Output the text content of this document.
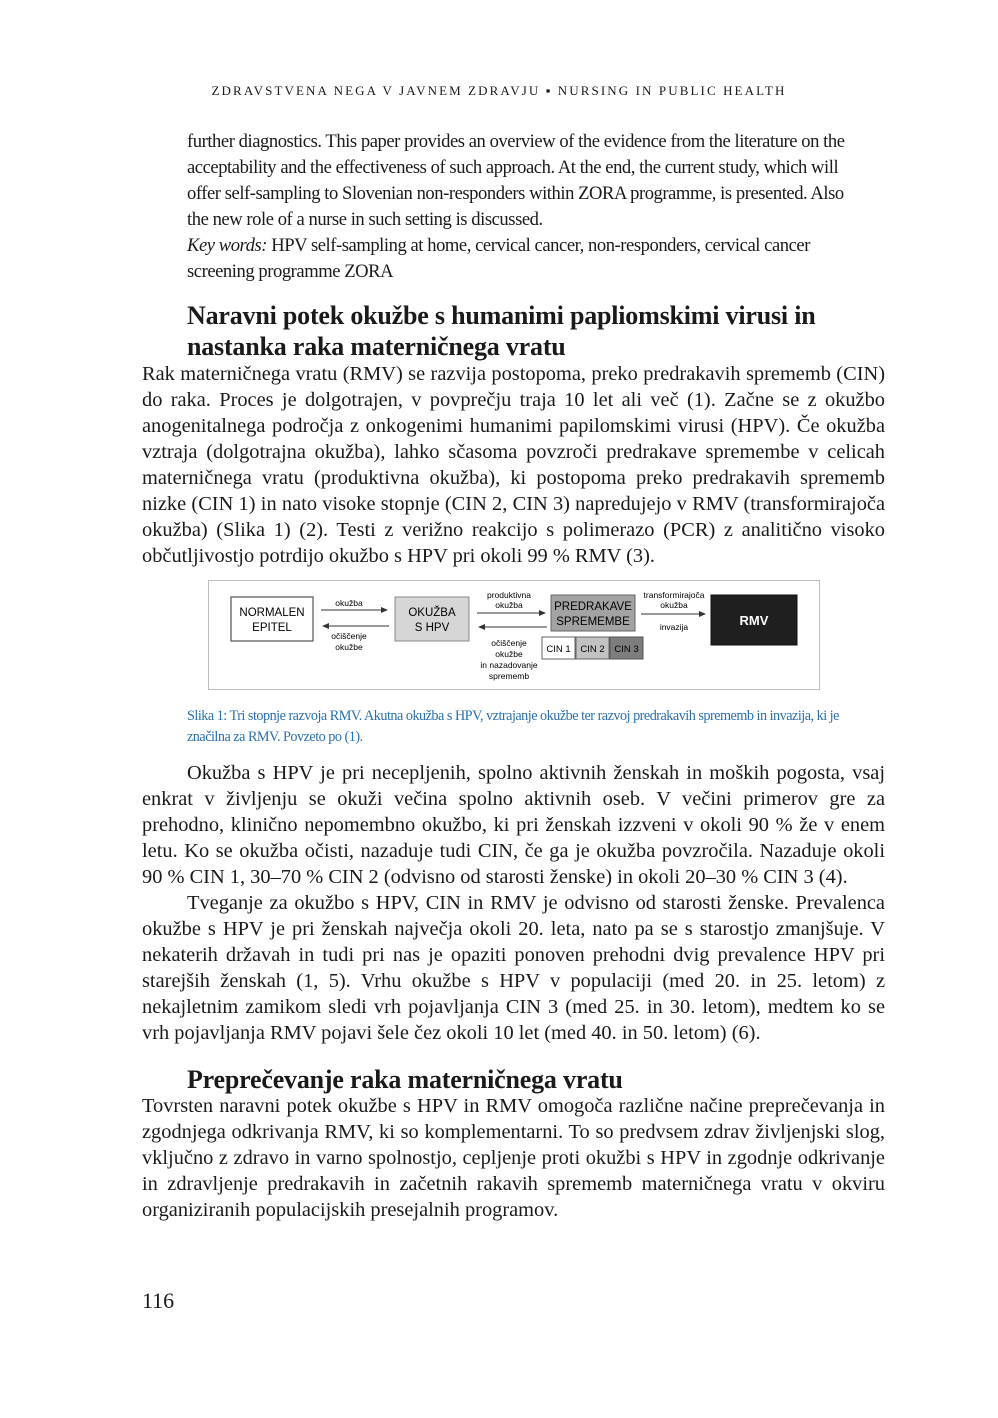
ZDRAVSTVENA NEGA V JAVNEM ZDRAVJU ▪ NURSING IN PUBLIC HEALTH

further diagnostics. This paper provides an overview of the evidence from the literature on the acceptability and the effectiveness of such approach. At the end, the current study, which will offer self-sampling to Slovenian non-responders within ZORA programme, is presented. Also the new role of a nurse in such setting is discussed.

Key words: HPV self-sampling at home, cervical cancer, non-responders, cervical cancer screening programme ZORA

Naravni potek okužbe s humanimi papliomskimi virusi in nastanka raka materničnega vratu

Rak materničnega vratu (RMV) se razvija postopoma, preko predrakavih sprememb (CIN) do raka. Proces je dolgotrajen, v povprečju traja 10 let ali več (1). Začne se z okužbo anogenitalnega področja z onkogenimi humanimi papilomskimi virusi (HPV). Če okužba vztraja (dolgotrajna okužba), lahko sčasoma povzroči predrakave spremembe v celicah materničnega vratu (produktivna okužba), ki postopoma preko predrakavih sprememb nizke (CIN 1) in nato visoke stopnje (CIN 2, CIN 3) napredujejo v RMV (transformirajoča okužba) (Slika 1) (2). Testi z verižno reakcijo s polimerazo (PCR) z analitično visoko občutljivostjo potrdijo okužbo s HPV pri okoli 99 % RMV (3).

NORMALEN
EPITEL
okužba
očiščenje
okužbe
OKUŽBA
S HPV
produktivna
okužba
očiščenje
okužbe
in nazadovanje
sprememb
PREDRAKAVE
SPREMEMBE
CIN 1 CIN 2 CIN 3
transformirajoča
okužba
invazija	RMV
Slika 1: Tri stopnje razvoja RMV. Akutna okužba s HPV, vztrajanje okužbe ter razvoj predrakavih sprememb in invazija, ki je značilna za RMV. Povzeto po (1).

Okužba s HPV je pri necepljenih, spolno aktivnih ženskah in moških pogosta, vsaj enkrat v življenju se okuži večina spolno aktivnih oseb. V večini primerov gre za prehodno, klinično nepomembno okužbo, ki pri ženskah izzveni v okoli 90 % že v enem letu. Ko se okužba očisti, nazaduje tudi CIN, če ga je okužba povzročila. Nazaduje okoli 90 % CIN 1, 30–70 % CIN 2 (odvisno od starosti ženske) in okoli 20–30 % CIN 3 (4).

Tveganje za okužbo s HPV, CIN in RMV je odvisno od starosti ženske. Prevalenca okužbe s HPV je pri ženskah največja okoli 20. leta, nato pa se s starostjo zmanjšuje. V nekaterih državah in tudi pri nas je opaziti ponoven prehodni dvig prevalence HPV pri starejših ženskah (1, 5). Vrhu okužbe s HPV v populaciji (med 20. in 25. letom) z nekajletnim zamikom sledi vrh pojavljanja CIN 3 (med 25. in 30. letom), medtem ko se vrh pojavljanja RMV pojavi šele čez okoli 10 let (med 40. in 50. letom) (6).

Preprečevanje raka materničnega vratu

Tovrsten naravni potek okužbe s HPV in RMV omogoča različne načine preprečevanja in zgodnjega odkrivanja RMV, ki so komplementarni. To so predvsem zdrav življenjski slog, vključno z zdravo in varno spolnostjo, cepljenje proti okužbi s HPV in zgodnje odkrivanje in zdravljenje predrakavih in začetnih rakavih sprememb materničnega vratu v okviru organiziranih populacijskih presejalnih programov.

116
